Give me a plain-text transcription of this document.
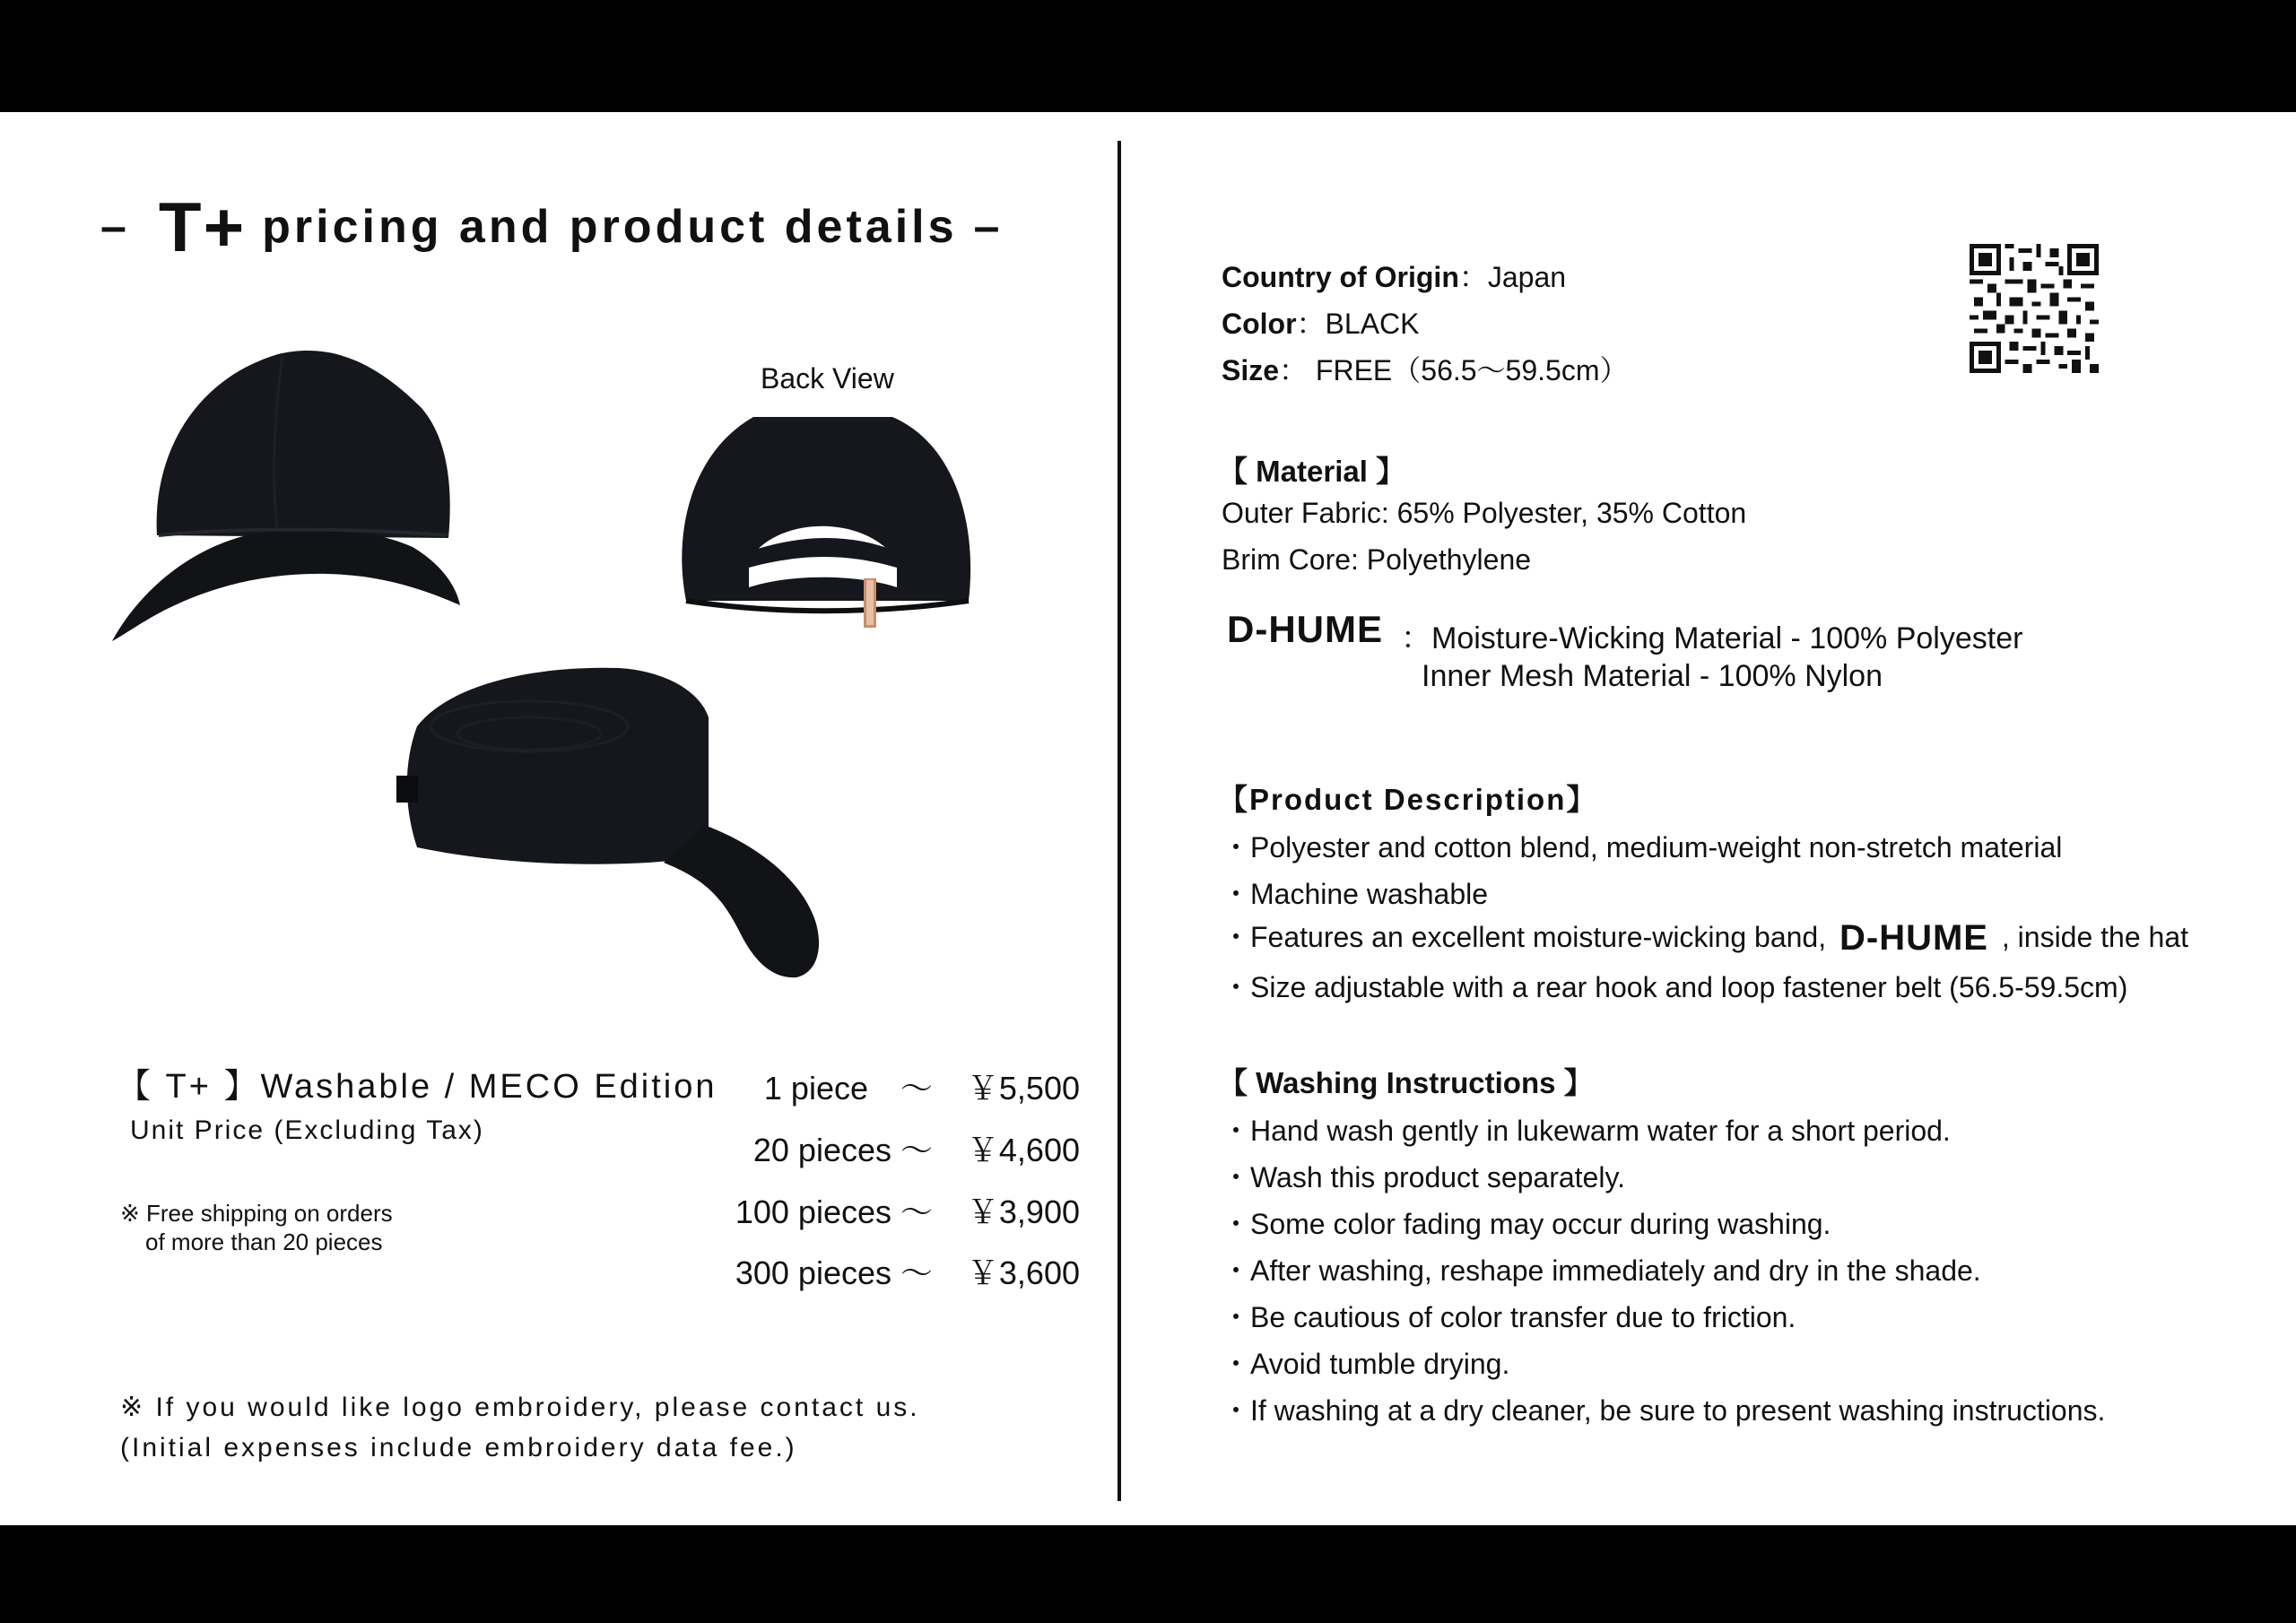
– T+ pricing and product details –
Back View
【 T+ 】Washable / MECO Edition
Unit Price (Excluding Tax)
※ Free shipping on orders
of more than 20 pieces
1 piece　～ ￥5,500
20 pieces ～ ￥4,600
100 pieces ～ ￥3,900
300 pieces ～ ￥3,600
※ If you would like logo embroidery, please contact us.
(Initial expenses include embroidery data fee.)
Country of Origin：Japan
Color：BLACK
Size： FREE（56.5～59.5cm）
【 Material 】
Outer Fabric: 65% Polyester, 35% Cotton
Brim Core: Polyethylene
D-HUME ：Moisture-Wicking Material - 100% Polyester
Inner Mesh Material - 100% Nylon
【Product Description】
・Polyester and cotton blend, medium-weight non-stretch material
・Machine washable
・Features an excellent moisture-wicking band, D-HUME , inside the hat
・Size adjustable with a rear hook and loop fastener belt (56.5-59.5cm)
【 Washing Instructions 】
・Hand wash gently in lukewarm water for a short period.
・Wash this product separately.
・Some color fading may occur during washing.
・After washing, reshape immediately and dry in the shade.
・Be cautious of color transfer due to friction.
・Avoid tumble drying.
・If washing at a dry cleaner, be sure to present washing instructions.
